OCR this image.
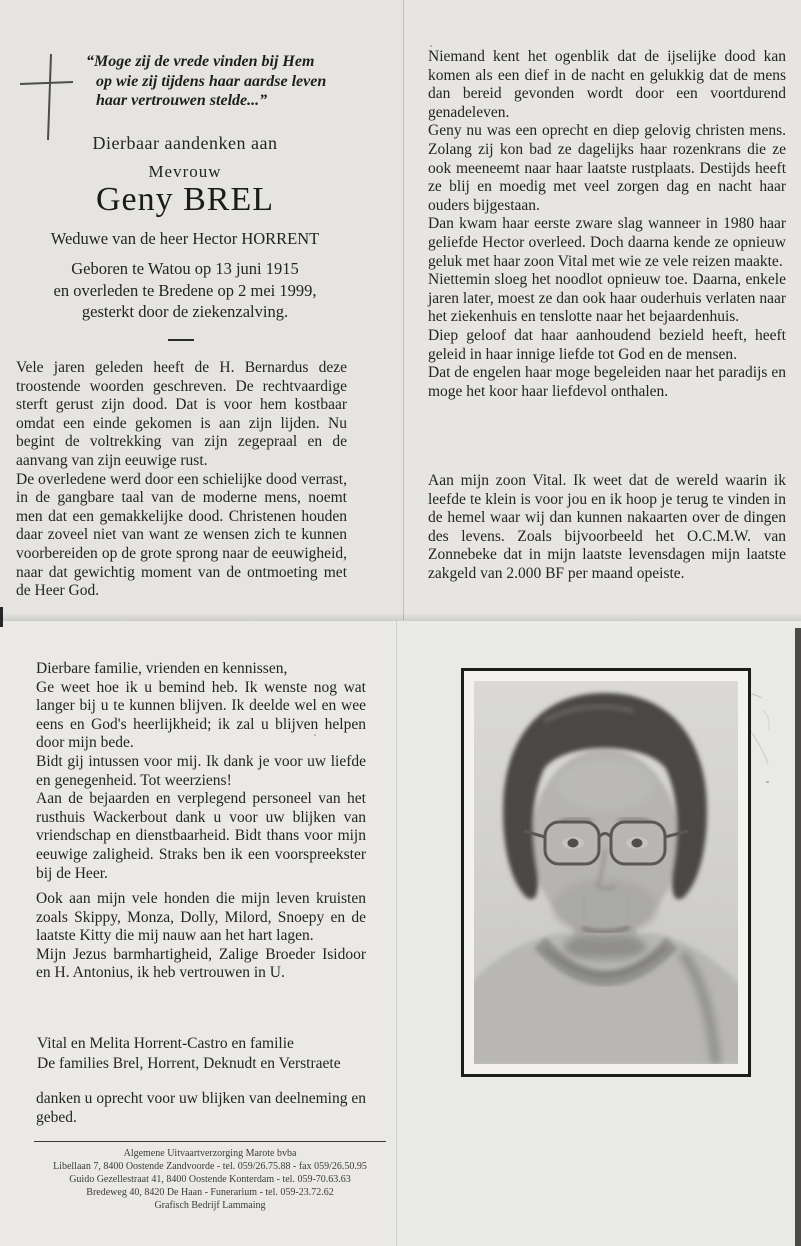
“Moge zij de vrede vinden bij Hem
op wie zij tijdens haar aardse leven
haar vertrouwen stelde...”
Dierbaar aandenken aan
Mevrouw
Geny BREL
Weduwe van de heer Hector HORRENT
Geboren te Watou op 13 juni 1915
en overleden te Bredene op 2 mei 1999,
gesterkt door de ziekenzalving.

Vele jaren geleden heeft de H. Bernardus deze troostende woorden geschreven. De rechtvaardige sterft gerust zijn dood. Dat is voor hem kostbaar omdat een einde gekomen is aan zijn lijden. Nu begint de voltrekking van zijn zegepraal en de aanvang van zijn eeuwige rust.

De overledene werd door een schielijke dood verrast, in de gangbare taal van de moderne mens, noemt men dat een gemakkelijke dood. Christenen houden daar zoveel niet van want ze wensen zich te kunnen voorbereiden op de grote sprong naar de eeuwigheid, naar dat gewichtig moment van de ontmoeting met de Heer God.

Niemand kent het ogenblik dat de ijselijke dood kan komen als een dief in de nacht en gelukkig dat de mens dan bereid gevonden wordt door een voortdurend genadeleven.

Geny nu was een oprecht en diep gelovig christen mens. Zolang zij kon bad ze dagelijks haar rozenkrans die ze ook meeneemt naar haar laatste rustplaats. Destijds heeft ze blij en moedig met veel zorgen dag en nacht haar ouders bijgestaan.

Dan kwam haar eerste zware slag wanneer in 1980 haar geliefde Hector overleed. Doch daarna kende ze opnieuw geluk met haar zoon Vital met wie ze vele reizen maakte.

Niettemin sloeg het noodlot opnieuw toe. Daarna, enkele jaren later, moest ze dan ook haar ouderhuis verlaten naar het ziekenhuis en tenslotte naar het bejaardenhuis.

Diep geloof dat haar aanhoudend bezield heeft, heeft geleid in haar innige liefde tot God en de mensen.

Dat de engelen haar moge begeleiden naar het paradijs en moge het koor haar liefdevol onthalen.

Aan mijn zoon Vital. Ik weet dat de wereld waarin ik leefde te klein is voor jou en ik hoop je terug te vinden in de hemel waar wij dan kunnen nakaarten over de dingen des levens. Zoals bijvoorbeeld het O.C.M.W. van Zonnebeke dat in mijn laatste levensdagen mijn laatste zakgeld van 2.000 BF per maand opeiste.

Dierbare familie, vrienden en kennissen,

Ge weet hoe ik u bemind heb. Ik wenste nog wat langer bij u te kunnen blijven. Ik deelde wel en wee eens en God's heerlijkheid; ik zal u blijven helpen door mijn bede.

Bidt gij intussen voor mij. Ik dank je voor uw liefde en genegenheid. Tot weerziens!

Aan de bejaarden en verplegend personeel van het rusthuis Wackerbout dank u voor uw blijken van vriendschap en dienstbaarheid. Bidt thans voor mijn eeuwige zaligheid. Straks ben ik een voorspreekster bij de Heer.

Ook aan mijn vele honden die mijn leven kruisten zoals Skippy, Monza, Dolly, Milord, Snoepy en de laatste Kitty die mij nauw aan het hart lagen.

Mijn Jezus barmhartigheid, Zalige Broeder Isidoor en H. Antonius, ik heb vertrouwen in U.

Vital en Melita Horrent-Castro en familie
De families Brel, Horrent, Deknudt en Verstraete

danken u oprecht voor uw blijken van deelneming en gebed.

Algemene Uitvaartverzorging Marote bvba
Libellaan 7, 8400 Oostende Zandvoorde - tel. 059/26.75.88 - fax 059/26.50.95
Guido Gezellestraat 41, 8400 Oostende Konterdam - tel. 059-70.63.63
Bredeweg 40, 8420 De Haan - Funerarium - tel. 059-23.72.62
Grafisch Bedrijf Lammaing
